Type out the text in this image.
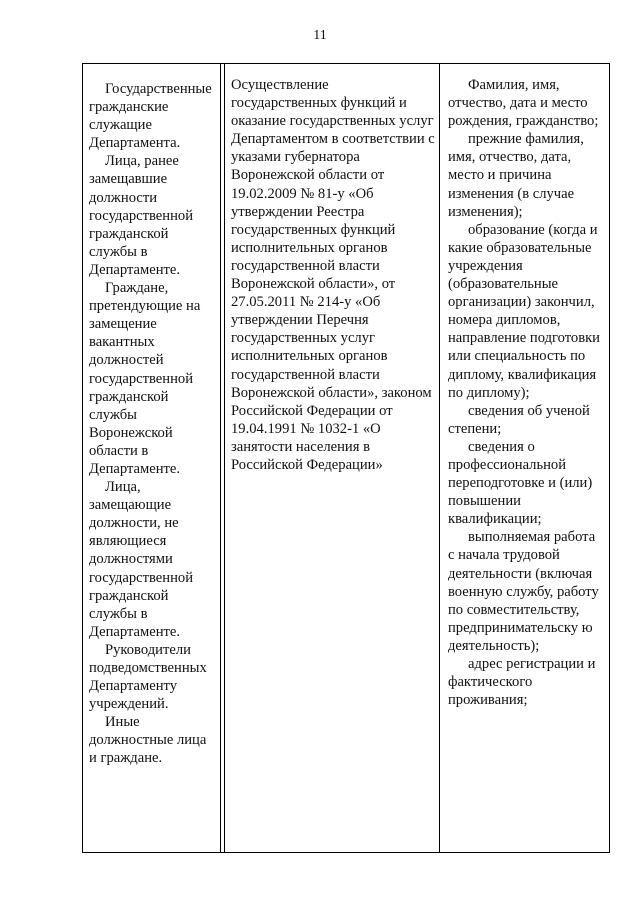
11

Государственные гражданские служащие Департамента.

Лица, ранее замещавшие должности государственной гражданской службы в Департаменте.

Граждане, претендующие на замещение вакантных должностей государственной гражданской службы Воронежской области в Департаменте.

Лица, замещающие должности, не являющиеся должностями государственной гражданской службы в Департаменте.

Руководители подведомственных Департаменту учреждений.

Иные должностные лица и граждане.

Осуществление государственных функций и оказание государственных услуг Департаментом в соответствии с указами губернатора Воронежской области от 19.02.2009 № 81-у «Об утверждении Реестра государственных функций исполнительных органов государственной власти Воронежской области», от 27.05.2011 № 214-у «Об утверждении Перечня государственных услуг исполнительных органов государственной власти Воронежской области», законом Российской Федерации от 19.04.1991 № 1032-1 «О занятости населения в Российской Федерации»

Фамилия, имя, отчество, дата и место рождения, гражданство;

прежние фамилия, имя, отчество, дата, место и причина изменения (в случае изменения);

образование (когда и какие образовательные учреждения (образовательные организации) закончил, номера дипломов, направление подготовки или специальность по диплому, квалификация по диплому);

сведения об ученой степени;

сведения о профессиональной переподготовке и (или) повышении квалификации;

выполняемая работа с начала трудовой деятельности (включая военную службу, работу по совместительству, предпринимательску ю деятельность);

адрес регистрации и фактического проживания;
